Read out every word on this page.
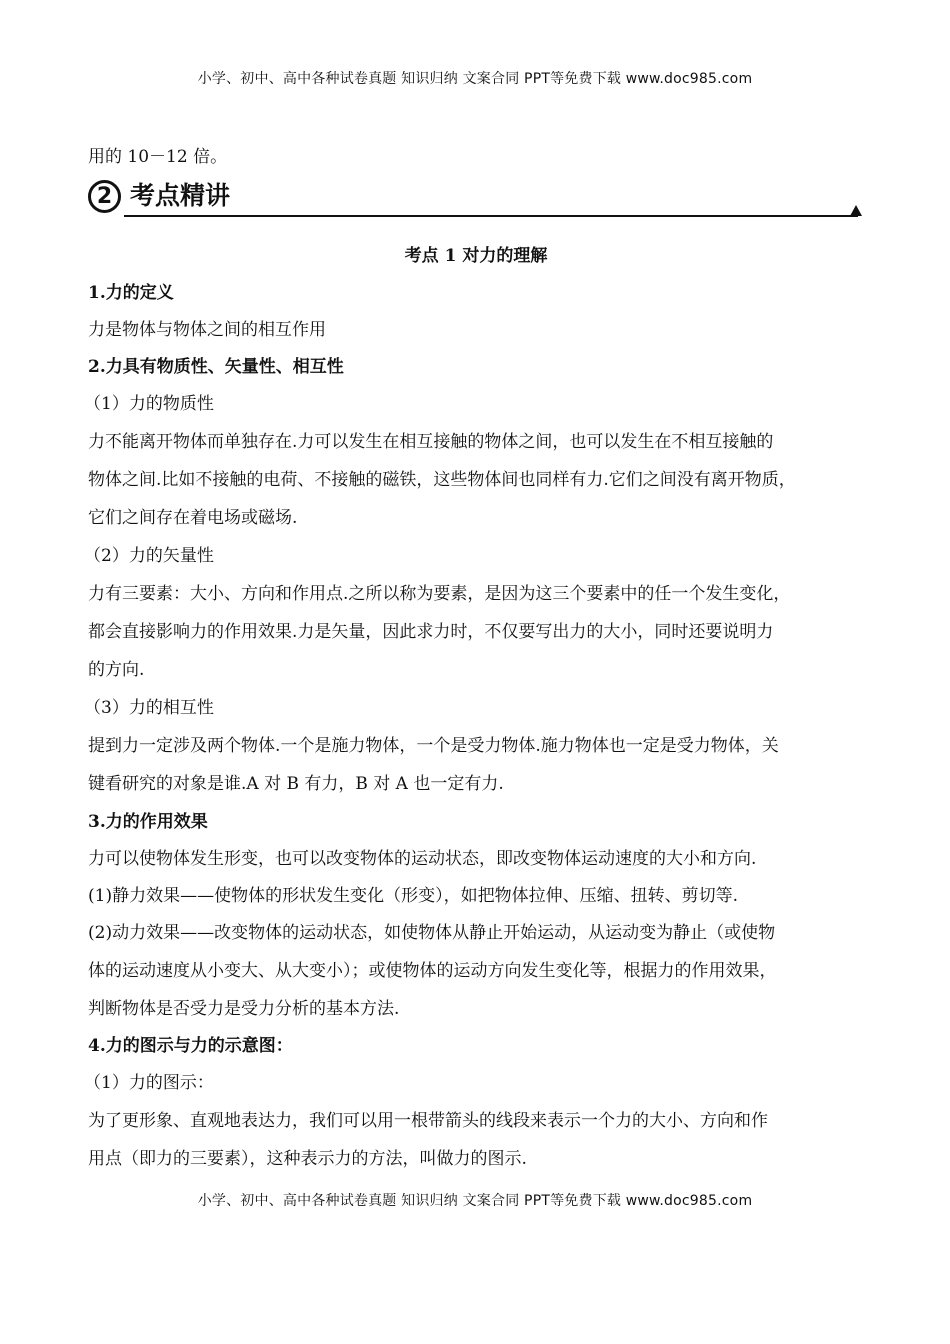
小学、初中、高中各种试卷真题 知识归纳 文案合同 PPT等免费下载 www.doc985.com
用的 10－12 倍。
2 考点精讲
考点 1 对力的理解
1.力的定义
力是物体与物体之间的相互作用
2.力具有物质性、矢量性、相互性
（1）力的物质性
力不能离开物体而单独存在.力可以发生在相互接触的物体之间，也可以发生在不相互接触的
物体之间.比如不接触的电荷、不接触的磁铁，这些物体间也同样有力.它们之间没有离开物质，
它们之间存在着电场或磁场.
（2）力的矢量性
力有三要素：大小、方向和作用点.之所以称为要素，是因为这三个要素中的任一个发生变化，
都会直接影响力的作用效果.力是矢量，因此求力时，不仅要写出力的大小，同时还要说明力
的方向.
（3）力的相互性
提到力一定涉及两个物体.一个是施力物体，一个是受力物体.施力物体也一定是受力物体，关
键看研究的对象是谁.A 对 B 有力，B 对 A 也一定有力.
3.力的作用效果
力可以使物体发生形变，也可以改变物体的运动状态，即改变物体运动速度的大小和方向.
(1)静力效果——使物体的形状发生变化（形变），如把物体拉伸、压缩、扭转、剪切等.
(2)动力效果——改变物体的运动状态，如使物体从静止开始运动，从运动变为静止（或使物
体的运动速度从小变大、从大变小）；或使物体的运动方向发生变化等，根据力的作用效果，
判断物体是否受力是受力分析的基本方法.
4.力的图示与力的示意图：
（1）力的图示：
为了更形象、直观地表达力，我们可以用一根带箭头的线段来表示一个力的大小、方向和作
用点（即力的三要素），这种表示力的方法，叫做力的图示.
小学、初中、高中各种试卷真题 知识归纳 文案合同 PPT等免费下载 www.doc985.com
